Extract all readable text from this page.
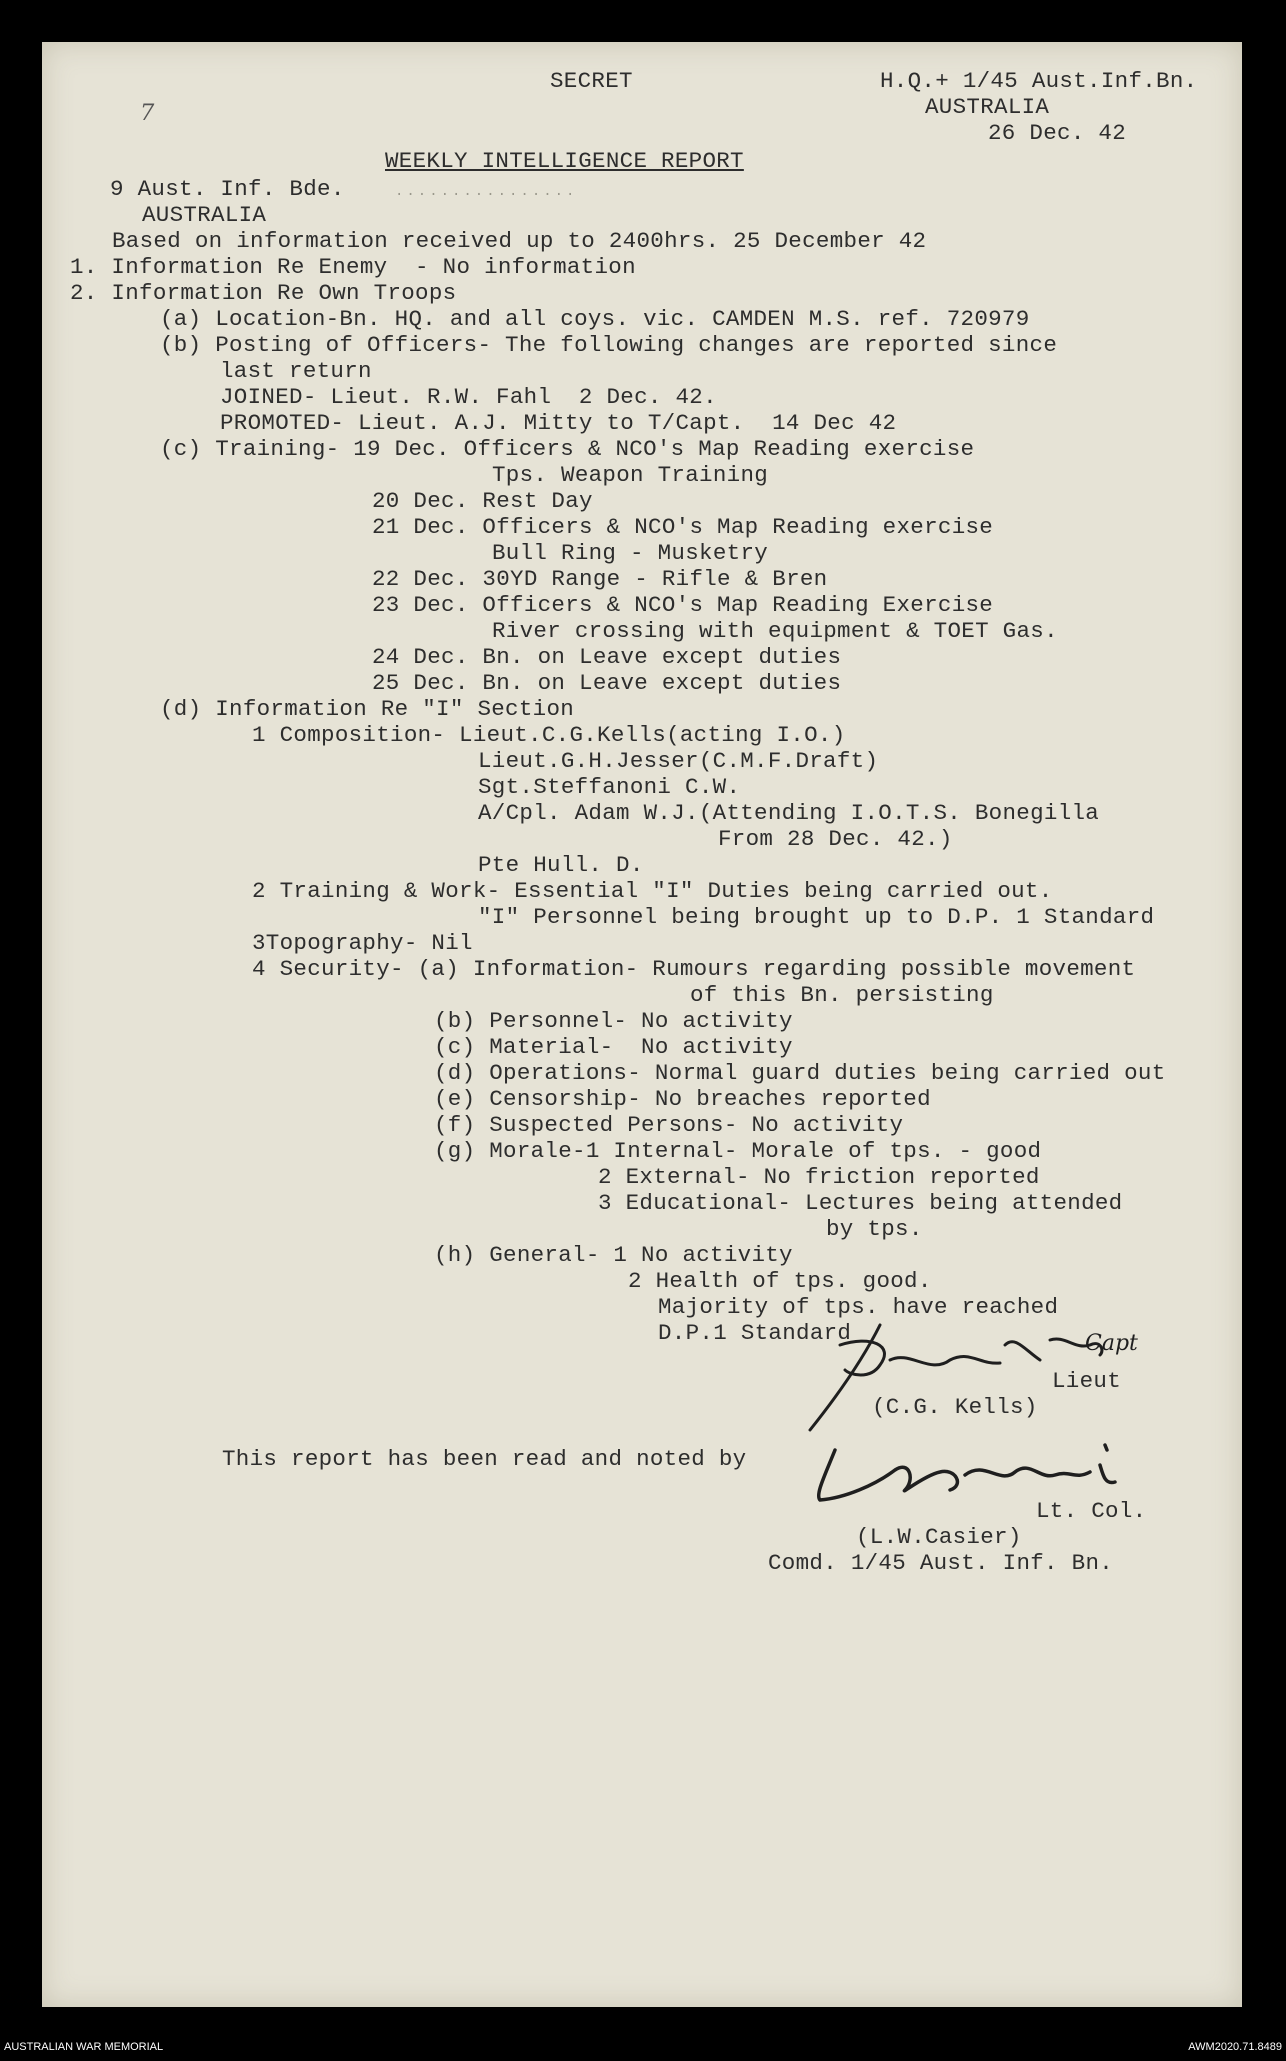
SECRET	H.Q.+ 1/45 Aust.Inf.Bn.
AUSTRALIA
26 Dec. 42
7
WEEKLY INTELLIGENCE REPORT
9 Aust. Inf. Bde.	................
AUSTRALIA
Based on information received up to 2400hrs. 25 December 42
1. Information Re Enemy  - No information
2. Information Re Own Troops
(a) Location-Bn. HQ. and all coys. vic. CAMDEN M.S. ref. 720979
(b) Posting of Officers- The following changes are reported since
last return
JOINED- Lieut. R.W. Fahl  2 Dec. 42.
PROMOTED- Lieut. A.J. Mitty to T/Capt.  14 Dec 42
(c) Training- 19 Dec. Officers & NCO's Map Reading exercise
Tps. Weapon Training
20 Dec. Rest Day
21 Dec. Officers & NCO's Map Reading exercise
Bull Ring - Musketry
22 Dec. 30YD Range - Rifle & Bren
23 Dec. Officers & NCO's Map Reading Exercise
River crossing with equipment & TOET Gas.
24 Dec. Bn. on Leave except duties
25 Dec. Bn. on Leave except duties
(d) Information Re "I" Section
1 Composition- Lieut.C.G.Kells(acting I.O.)
Lieut.G.H.Jesser(C.M.F.Draft)
Sgt.Steffanoni C.W.
A/Cpl. Adam W.J.(Attending I.O.T.S. Bonegilla
From 28 Dec. 42.)
Pte Hull. D.
2 Training & Work- Essential "I" Duties being carried out.
"I" Personnel being brought up to D.P. 1 Standard
3Topography- Nil
4 Security- (a) Information- Rumours regarding possible movement
of this Bn. persisting
(b) Personnel- No activity
(c) Material-  No activity
(d) Operations- Normal guard duties being carried out
(e) Censorship- No breaches reported
(f) Suspected Persons- No activity
(g) Morale-1 Internal- Morale of tps. - good
2 External- No friction reported
3 Educational- Lectures being attended
by tps.
(h) General- 1 No activity
2 Health of tps. good.
Majority of tps. have reached
D.P.1 Standard	Capt
Lieut
(C.G. Kells)
This report has been read and noted by
Lt. Col.
(L.W.Casier)
Comd. 1/45 Aust. Inf. Bn.
AUSTRALIAN WAR MEMORIAL	AWM2020.71.8489
